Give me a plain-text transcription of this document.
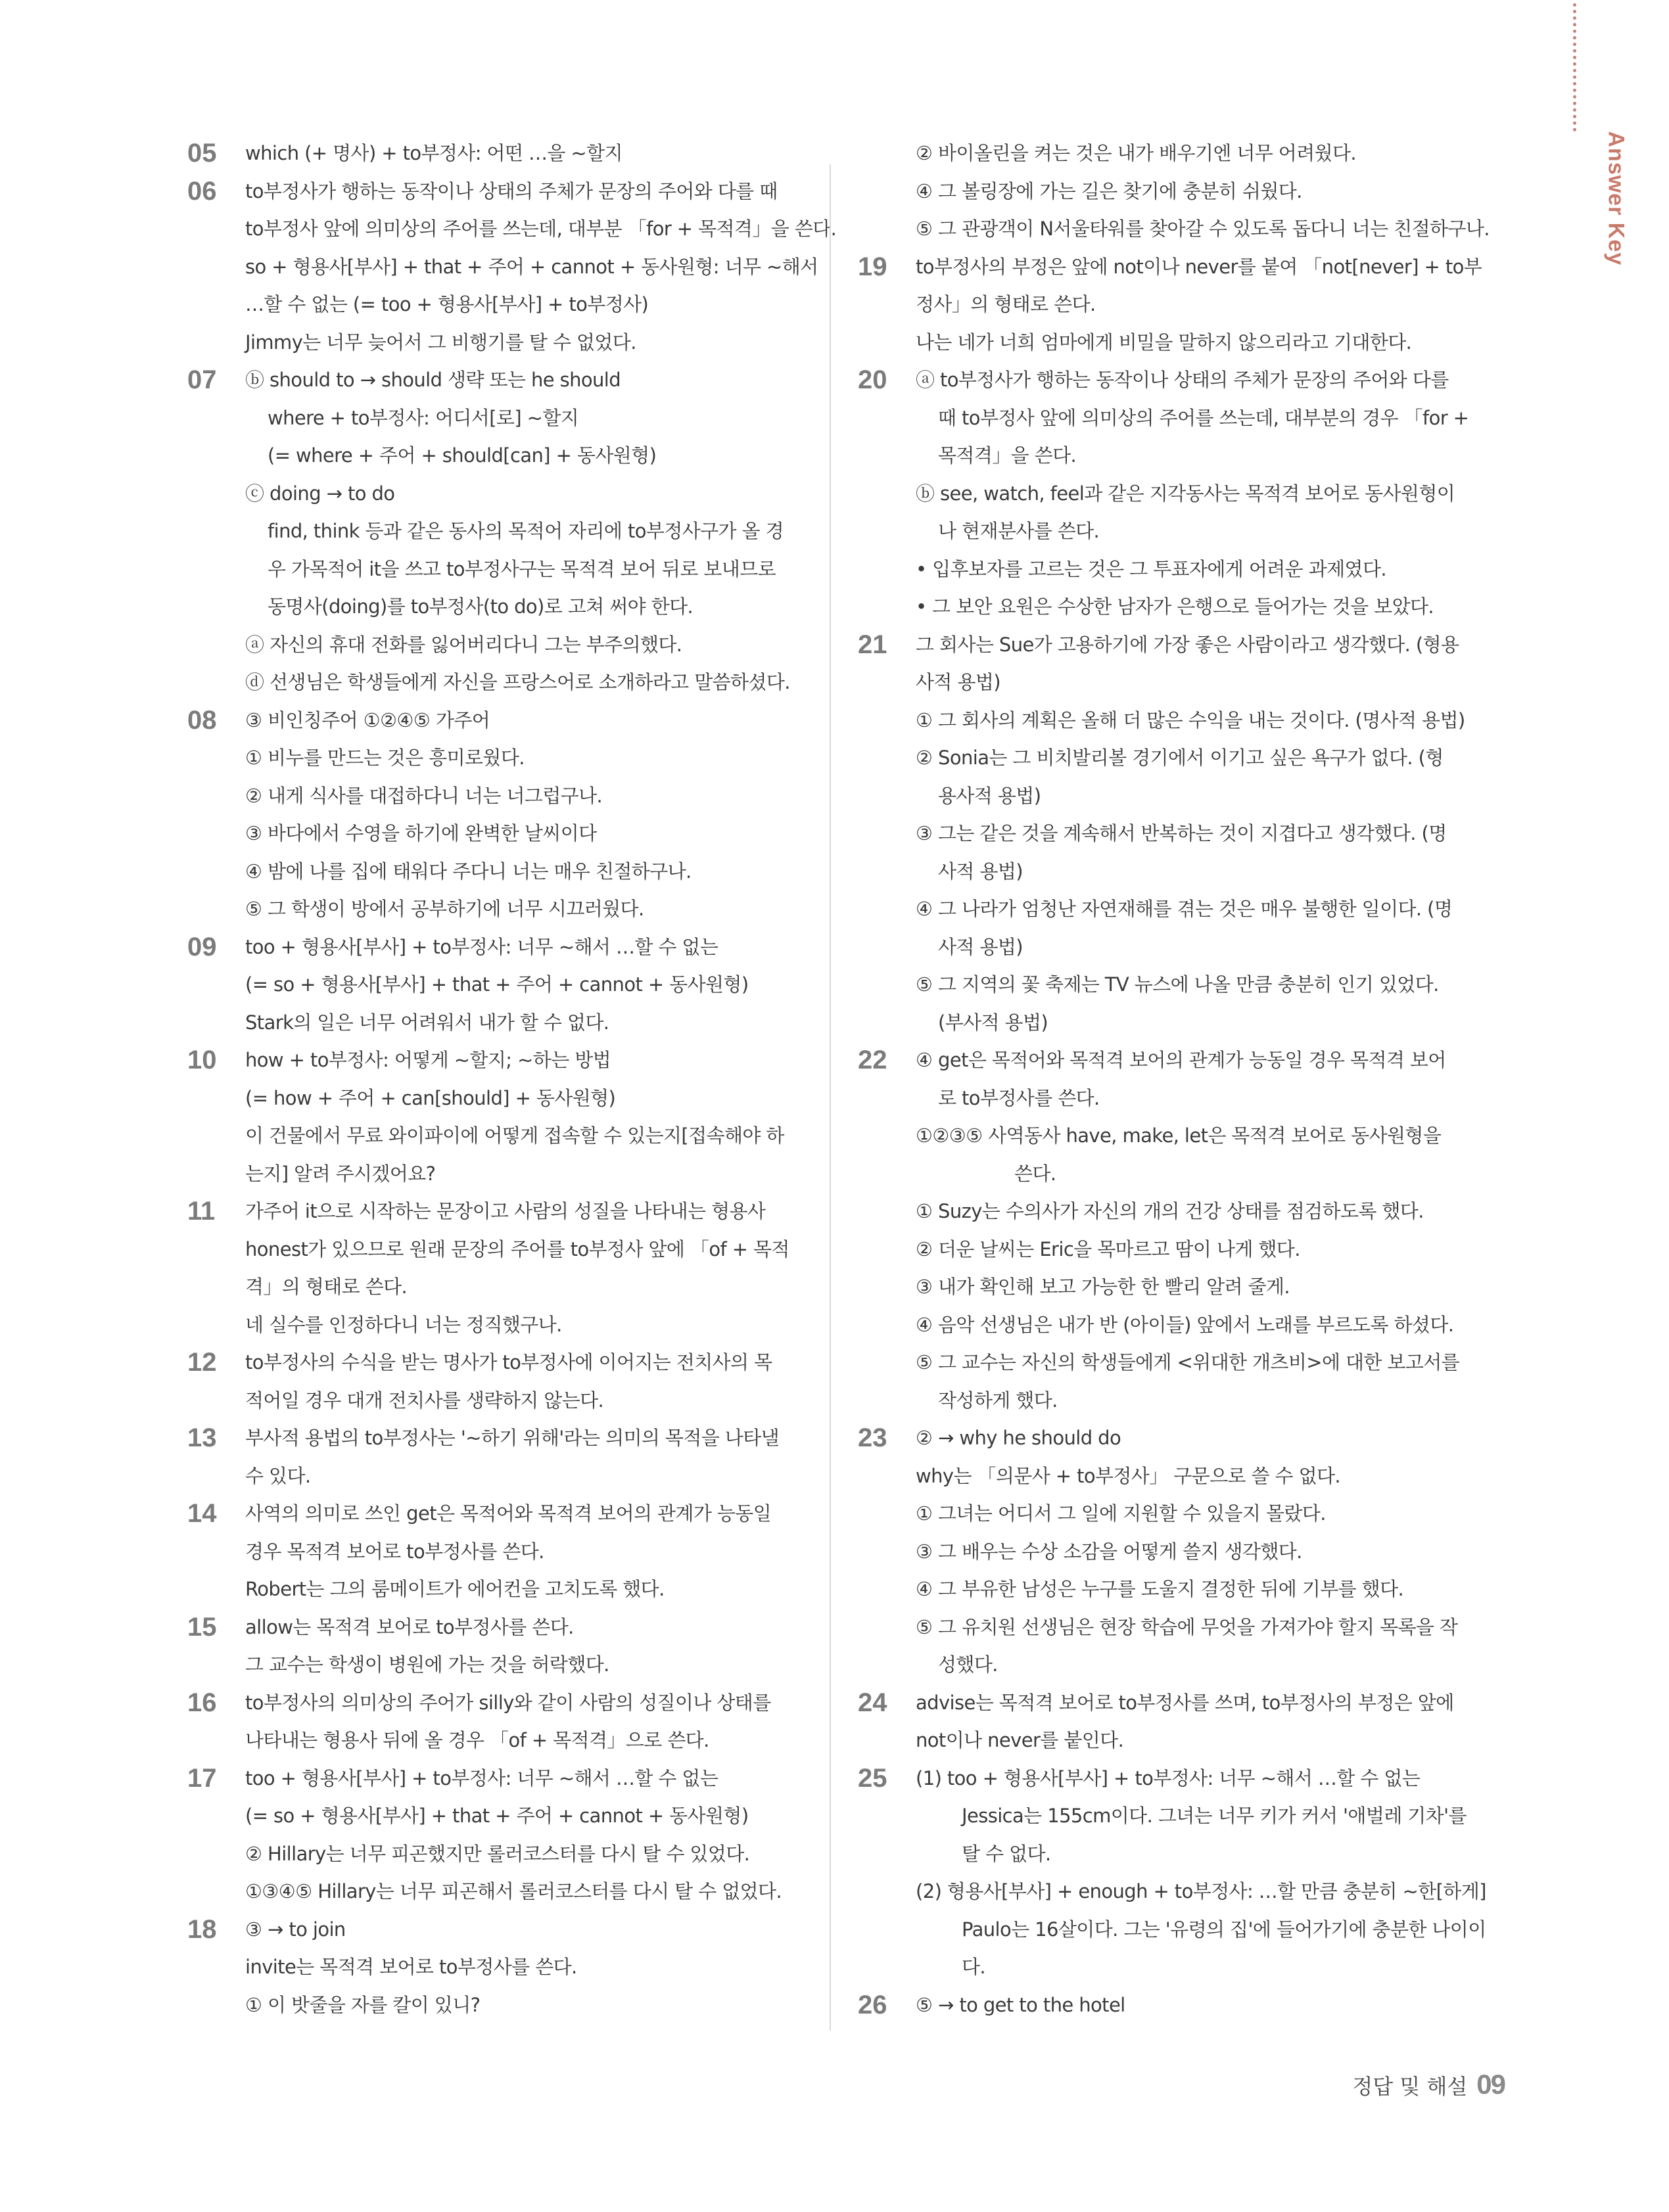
Answer Key
05 which (+ 명사) + to부정사: 어떤 …을 ~할지
06 to부정사가 행하는 동작이나 상태의 주체가 문장의 주어와 다를 때
to부정사 앞에 의미상의 주어를 쓰는데, 대부분 「for + 목적격」을 쓴다.
so + 형용사[부사] + that + 주어 + cannot + 동사원형: 너무 ~해서
…할 수 없는 (= too + 형용사[부사] + to부정사)
Jimmy는 너무 늦어서 그 비행기를 탈 수 없었다.
07 ⓑ should to → should 생략 또는 he should
where + to부정사: 어디서[로] ~할지
(= where + 주어 + should[can] + 동사원형)
ⓒ doing → to do
find, think 등과 같은 동사의 목적어 자리에 to부정사구가 올 경
우 가목적어 it을 쓰고 to부정사구는 목적격 보어 뒤로 보내므로
동명사(doing)를 to부정사(to do)로 고쳐 써야 한다.
ⓐ 자신의 휴대 전화를 잃어버리다니 그는 부주의했다.
ⓓ 선생님은 학생들에게 자신을 프랑스어로 소개하라고 말씀하셨다.
08 ③ 비인칭주어 ①②④⑤ 가주어
① 비누를 만드는 것은 흥미로웠다.
② 내게 식사를 대접하다니 너는 너그럽구나.
③ 바다에서 수영을 하기에 완벽한 날씨이다
④ 밤에 나를 집에 태워다 주다니 너는 매우 친절하구나.
⑤ 그 학생이 방에서 공부하기에 너무 시끄러웠다.
09 too + 형용사[부사] + to부정사: 너무 ~해서 …할 수 없는
(= so + 형용사[부사] + that + 주어 + cannot + 동사원형)
Stark의 일은 너무 어려워서 내가 할 수 없다.
10 how + to부정사: 어떻게 ~할지; ~하는 방법
(= how + 주어 + can[should] + 동사원형)
이 건물에서 무료 와이파이에 어떻게 접속할 수 있는지[접속해야 하
는지] 알려 주시겠어요?
11 가주어 it으로 시작하는 문장이고 사람의 성질을 나타내는 형용사
honest가 있으므로 원래 문장의 주어를 to부정사 앞에 「of + 목적
격」의 형태로 쓴다.
네 실수를 인정하다니 너는 정직했구나.
12 to부정사의 수식을 받는 명사가 to부정사에 이어지는 전치사의 목
적어일 경우 대개 전치사를 생략하지 않는다.
13 부사적 용법의 to부정사는 '~하기 위해'라는 의미의 목적을 나타낼
수 있다.
14 사역의 의미로 쓰인 get은 목적어와 목적격 보어의 관계가 능동일
경우 목적격 보어로 to부정사를 쓴다.
Robert는 그의 룸메이트가 에어컨을 고치도록 했다.
15 allow는 목적격 보어로 to부정사를 쓴다.
그 교수는 학생이 병원에 가는 것을 허락했다.
16 to부정사의 의미상의 주어가 silly와 같이 사람의 성질이나 상태를
나타내는 형용사 뒤에 올 경우 「of + 목적격」으로 쓴다.
17 too + 형용사[부사] + to부정사: 너무 ~해서 …할 수 없는
(= so + 형용사[부사] + that + 주어 + cannot + 동사원형)
② Hillary는 너무 피곤했지만 롤러코스터를 다시 탈 수 있었다.
①③④⑤ Hillary는 너무 피곤해서 롤러코스터를 다시 탈 수 없었다.
18 ③ → to join
invite는 목적격 보어로 to부정사를 쓴다.
① 이 밧줄을 자를 칼이 있니?
② 바이올린을 켜는 것은 내가 배우기엔 너무 어려웠다.
④ 그 볼링장에 가는 길은 찾기에 충분히 쉬웠다.
⑤ 그 관광객이 N서울타워를 찾아갈 수 있도록 돕다니 너는 친절하구나.
19 to부정사의 부정은 앞에 not이나 never를 붙여 「not[never] + to부
정사」의 형태로 쓴다.
나는 네가 너희 엄마에게 비밀을 말하지 않으리라고 기대한다.
20 ⓐ to부정사가 행하는 동작이나 상태의 주체가 문장의 주어와 다를
때 to부정사 앞에 의미상의 주어를 쓰는데, 대부분의 경우 「for +
목적격」을 쓴다.
ⓑ see, watch, feel과 같은 지각동사는 목적격 보어로 동사원형이
나 현재분사를 쓴다.
• 입후보자를 고르는 것은 그 투표자에게 어려운 과제였다.
• 그 보안 요원은 수상한 남자가 은행으로 들어가는 것을 보았다.
21 그 회사는 Sue가 고용하기에 가장 좋은 사람이라고 생각했다. (형용
사적 용법)
① 그 회사의 계획은 올해 더 많은 수익을 내는 것이다. (명사적 용법)
② Sonia는 그 비치발리볼 경기에서 이기고 싶은 욕구가 없다. (형
용사적 용법)
③ 그는 같은 것을 계속해서 반복하는 것이 지겹다고 생각했다. (명
사적 용법)
④ 그 나라가 엄청난 자연재해를 겪는 것은 매우 불행한 일이다. (명
사적 용법)
⑤ 그 지역의 꽃 축제는 TV 뉴스에 나올 만큼 충분히 인기 있었다.
(부사적 용법)
22 ④ get은 목적어와 목적격 보어의 관계가 능동일 경우 목적격 보어
로 to부정사를 쓴다.
①②③⑤ 사역동사 have, make, let은 목적격 보어로 동사원형을
쓴다.
① Suzy는 수의사가 자신의 개의 건강 상태를 점검하도록 했다.
② 더운 날씨는 Eric을 목마르고 땀이 나게 했다.
③ 내가 확인해 보고 가능한 한 빨리 알려 줄게.
④ 음악 선생님은 내가 반 (아이들) 앞에서 노래를 부르도록 하셨다.
⑤ 그 교수는 자신의 학생들에게 <위대한 개츠비>에 대한 보고서를
작성하게 했다.
23 ② → why he should do
why는 「의문사 + to부정사」 구문으로 쓸 수 없다.
① 그녀는 어디서 그 일에 지원할 수 있을지 몰랐다.
③ 그 배우는 수상 소감을 어떻게 쓸지 생각했다.
④ 그 부유한 남성은 누구를 도울지 결정한 뒤에 기부를 했다.
⑤ 그 유치원 선생님은 현장 학습에 무엇을 가져가야 할지 목록을 작
성했다.
24 advise는 목적격 보어로 to부정사를 쓰며, to부정사의 부정은 앞에
not이나 never를 붙인다.
25 (1) too + 형용사[부사] + to부정사: 너무 ~해서 …할 수 없는
Jessica는 155cm이다. 그녀는 너무 키가 커서 '애벌레 기차'를
탈 수 없다.
(2) 형용사[부사] + enough + to부정사: …할 만큼 충분히 ~한[하게]
Paulo는 16살이다. 그는 '유령의 집'에 들어가기에 충분한 나이이
다.
26 ⑤ → to get to the hotel
정답 및 해설 09
